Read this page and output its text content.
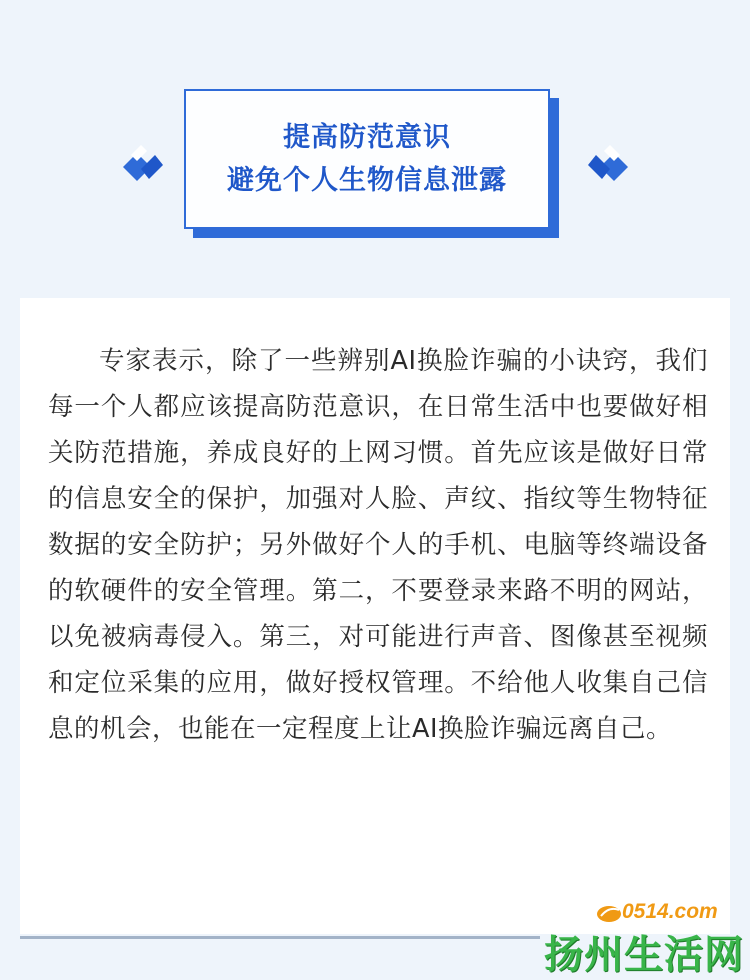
提高防范意识
避免个人生物信息泄露

专家表示，除了一些辨别AI换脸诈骗的小诀窍，我们每一个人都应该提高防范意识，在日常生活中也要做好相关防范措施，养成良好的上网习惯。首先应该是做好日常的信息安全的保护，加强对人脸、声纹、指纹等生物特征数据的安全防护；另外做好个人的手机、电脑等终端设备的软硬件的安全管理。第二，不要登录来路不明的网站，以免被病毒侵入。第三，对可能进行声音、图像甚至视频和定位采集的应用，做好授权管理。不给他人收集自己信息的机会，也能在一定程度上让AI换脸诈骗远离自己。

0514.com
扬州生活网
